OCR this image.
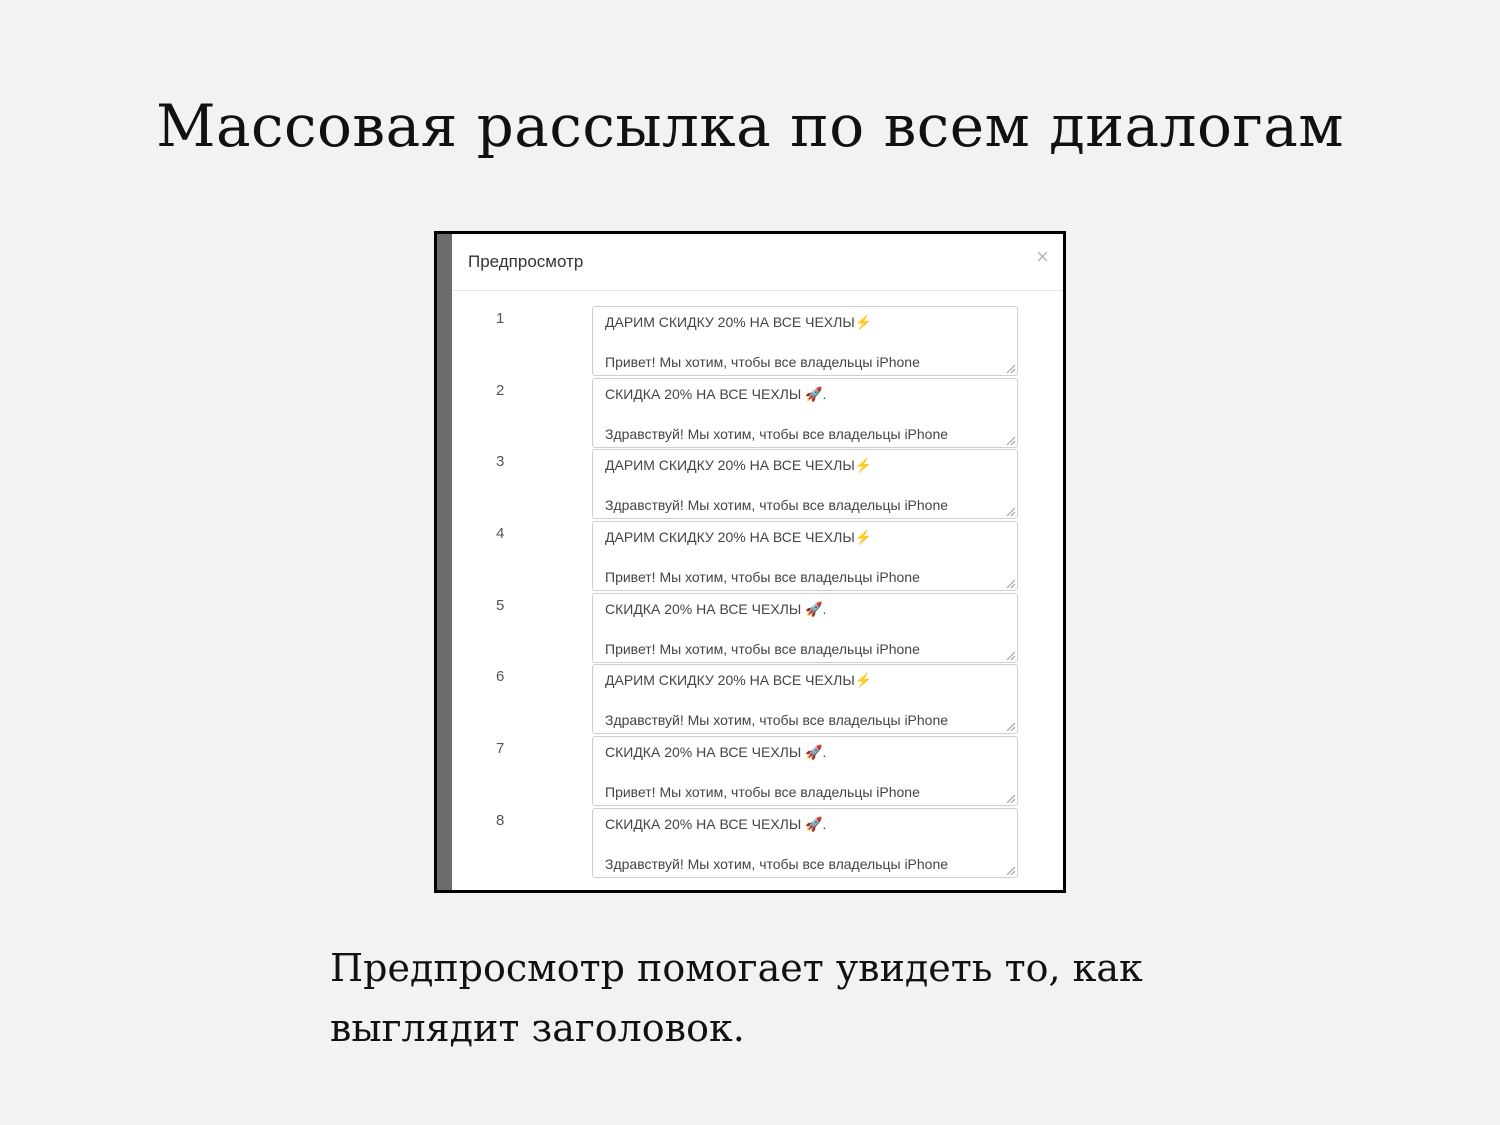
Массовая рассылка по всем диалогам
Предпросмотр	×
1	ДАРИМ СКИДКУ 20% НА ВСЕ ЧЕХЛЫ⚡
Привет! Мы хотим, чтобы все владельцы iPhone
2	СКИДКА 20% НА ВСЕ ЧЕХЛЫ 🚀.
Здравствуй! Мы хотим, чтобы все владельцы iPhone
3	ДАРИМ СКИДКУ 20% НА ВСЕ ЧЕХЛЫ⚡
Здравствуй! Мы хотим, чтобы все владельцы iPhone
4	ДАРИМ СКИДКУ 20% НА ВСЕ ЧЕХЛЫ⚡
Привет! Мы хотим, чтобы все владельцы iPhone
5	СКИДКА 20% НА ВСЕ ЧЕХЛЫ 🚀.
Привет! Мы хотим, чтобы все владельцы iPhone
6	ДАРИМ СКИДКУ 20% НА ВСЕ ЧЕХЛЫ⚡
Здравствуй! Мы хотим, чтобы все владельцы iPhone
7	СКИДКА 20% НА ВСЕ ЧЕХЛЫ 🚀.
Привет! Мы хотим, чтобы все владельцы iPhone
8	СКИДКА 20% НА ВСЕ ЧЕХЛЫ 🚀.
Здравствуй! Мы хотим, чтобы все владельцы iPhone

Предпросмотр помогает увидеть то, как выглядит заголовок.
